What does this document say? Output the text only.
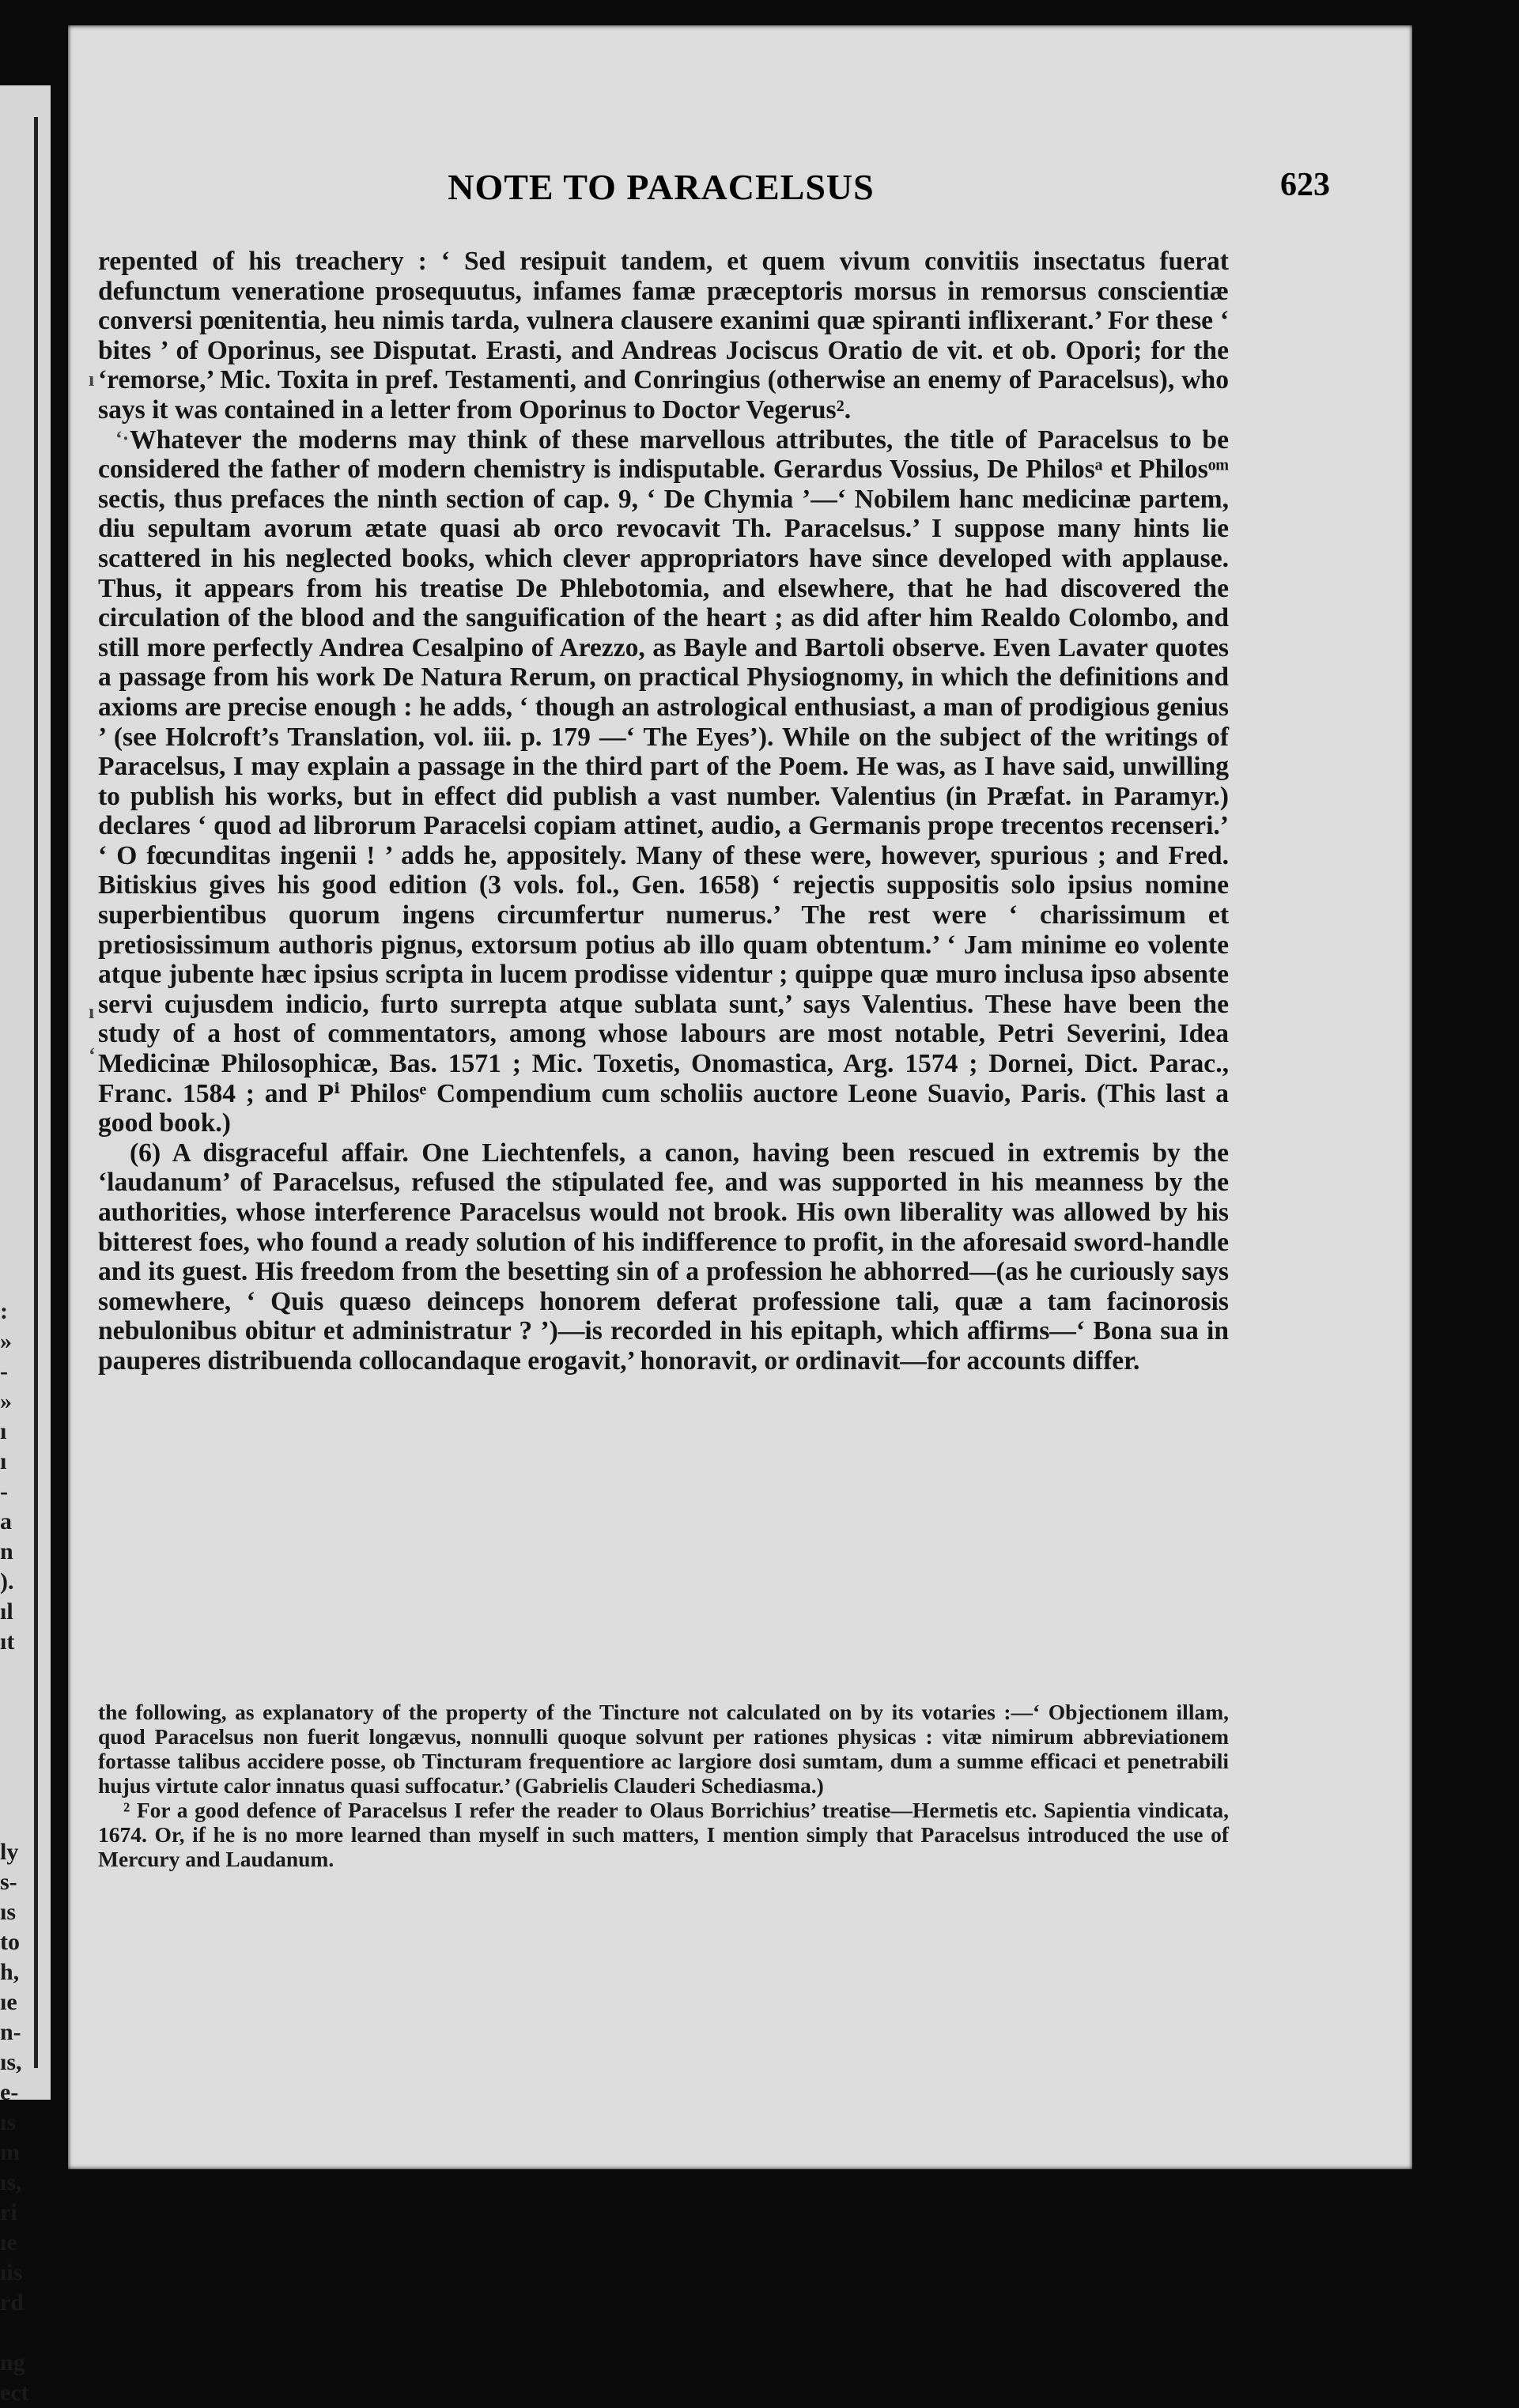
:
»
-
»
ı
ı
-
a
n
).
ıl
ıt

ly
s-
ıs
to
h,
ıe
n-
ıs,
e-
ıs
m
ıs,
ri
ıe
ıis
rd

ng
ect
NOTE TO PARACELSUS	623

repented of his treachery : ‘ Sed resipuit tandem, et quem vivum convitiis insectatus fuerat defunctum veneratione prosequutus, infames famæ præceptoris morsus in remorsus conscientiæ conversi pœnitentia, heu nimis tarda, vulnera clausere exanimi quæ spiranti inflixerant.’ For these ‘ bites ’ of Oporinus, see Disputat. Erasti, and Andreas Jociscus Oratio de vit. et ob. Opori; for the ‘remorse,’ Mic. Toxita in pref. Testamenti, and Conringius (otherwise an enemy of Paracelsus), who says it was contained in a letter from Oporinus to Doctor Vegerus².

Whatever the moderns may think of these marvellous attributes, the title of Paracelsus to be considered the father of modern chemistry is indisputable. Gerardus Vossius, De Philosᵃ et Philosᵒᵐ sectis, thus prefaces the ninth section of cap. 9, ‘ De Chymia ’—‘ Nobilem hanc medicinæ partem, diu sepultam avorum ætate quasi ab orco revocavit Th. Paracelsus.’ I suppose many hints lie scattered in his neglected books, which clever appropriators have since developed with applause. Thus, it appears from his treatise De Phlebotomia, and elsewhere, that he had discovered the circulation of the blood and the sanguification of the heart ; as did after him Realdo Colombo, and still more perfectly Andrea Cesalpino of Arezzo, as Bayle and Bartoli observe. Even Lavater quotes a passage from his work De Natura Rerum, on practical Physiognomy, in which the definitions and axioms are precise enough : he adds, ‘ though an astrological enthusiast, a man of prodigious genius ’ (see Holcroft’s Translation, vol. iii. p. 179 —‘ The Eyes’). While on the subject of the writings of Paracelsus, I may explain a passage in the third part of the Poem. He was, as I have said, unwilling to publish his works, but in effect did publish a vast number. Valentius (in Præfat. in Paramyr.) declares ‘ quod ad librorum Paracelsi copiam attinet, audio, a Germanis prope trecentos recenseri.’ ‘ O fœcunditas ingenii ! ’ adds he, appositely. Many of these were, however, spurious ; and Fred. Bitiskius gives his good edition (3 vols. fol., Gen. 1658) ‘ rejectis suppositis solo ipsius nomine superbientibus quorum ingens circumfertur numerus.’ The rest were ‘ charissimum et pretiosissimum authoris pignus, extorsum potius ab illo quam obtentum.’ ‘ Jam minime eo volente atque jubente hæc ipsius scripta in lucem prodisse videntur ; quippe quæ muro inclusa ipso absente servi cujusdem indicio, furto surrepta atque sublata sunt,’ says Valentius. These have been the study of a host of commentators, among whose labours are most notable, Petri Severini, Idea Medicinæ Philosophicæ, Bas. 1571 ; Mic. Toxetis, Onomastica, Arg. 1574 ; Dornei, Dict. Parac., Franc. 1584 ; and Pⁱ Philosᵉ Compendium cum scholiis auctore Leone Suavio, Paris. (This last a good book.)

(6) A disgraceful affair. One Liechtenfels, a canon, having been rescued in extremis by the ‘laudanum’ of Paracelsus, refused the stipulated fee, and was supported in his meanness by the authorities, whose interference Paracelsus would not brook. His own liberality was allowed by his bitterest foes, who found a ready solution of his indifference to profit, in the aforesaid sword-handle and its guest. His freedom from the besetting sin of a profession he abhorred—(as he curiously says somewhere, ‘ Quis quæso deinceps honorem deferat professione tali, quæ a tam facinorosis nebulonibus obitur et administratur ? ’)—is recorded in his epitaph, which affirms—‘ Bona sua in pauperes distribuenda collocandaque erogavit,’ honoravit, or ordinavit—for accounts differ.

the following, as explanatory of the property of the Tincture not calculated on by its votaries :—‘ Objectionem illam, quod Paracelsus non fuerit longævus, nonnulli quoque solvunt per rationes physicas : vitæ nimirum abbreviationem fortasse talibus accidere posse, ob Tincturam frequentiore ac largiore dosi sumtam, dum a summe efficaci et penetrabili hujus virtute calor innatus quasi suffocatur.’ (Gabrielis Clauderi Schediasma.)

² For a good defence of Paracelsus I refer the reader to Olaus Borrichius’ treatise—Hermetis etc. Sapientia vindicata, 1674. Or, if he is no more learned than myself in such matters, I mention simply that Paracelsus introduced the use of Mercury and Laudanum.

ı
‘·
ı
‘
